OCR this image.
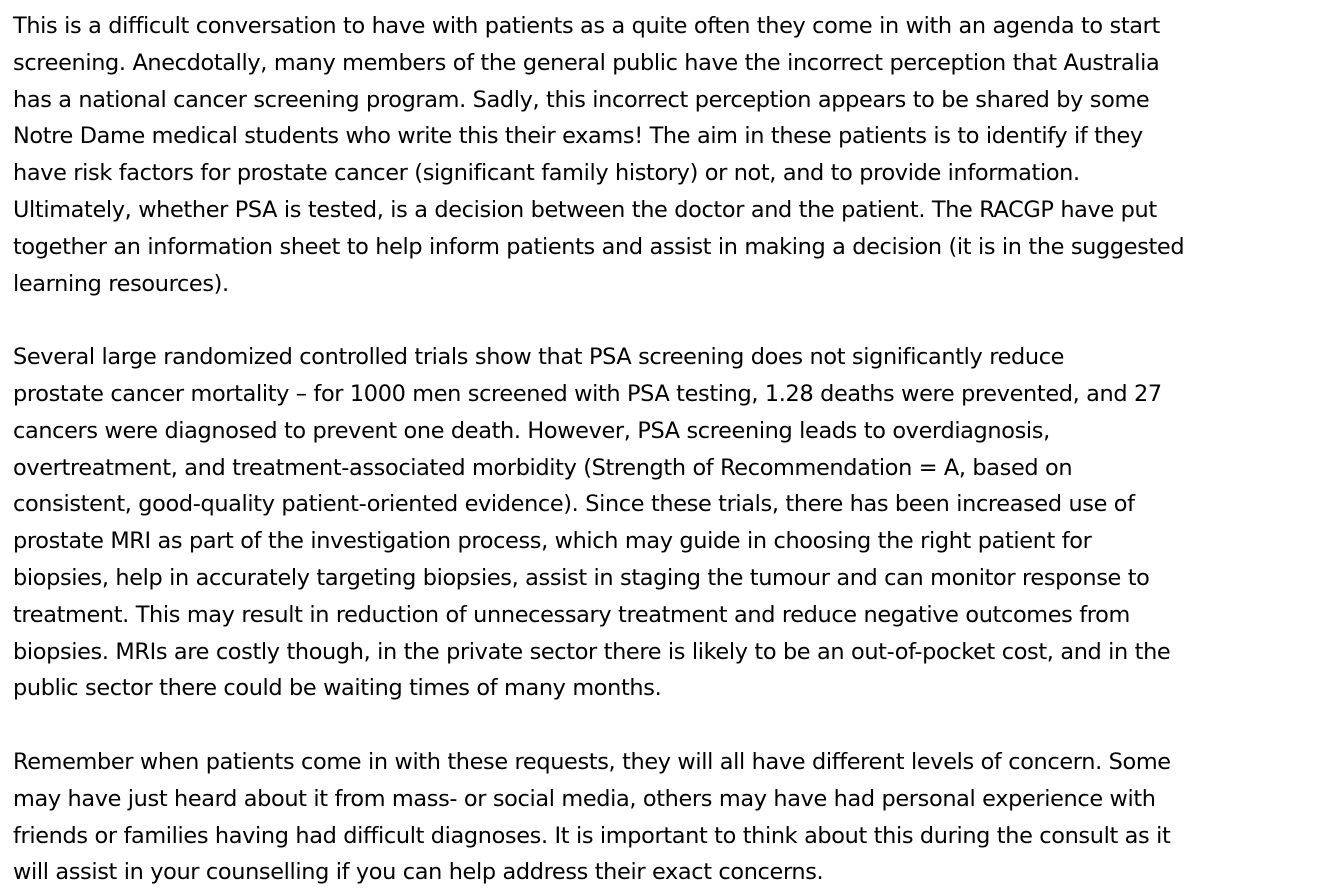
This is a difficult conversation to have with patients as a quite often they come in with an agenda to start
screening. Anecdotally, many members of the general public have the incorrect perception that Australia
has a national cancer screening program. Sadly, this incorrect perception appears to be shared by some
Notre Dame medical students who write this their exams! The aim in these patients is to identify if they
have risk factors for prostate cancer (significant family history) or not, and to provide information.
Ultimately, whether PSA is tested, is a decision between the doctor and the patient. The RACGP have put
together an information sheet to help inform patients and assist in making a decision (it is in the suggested
learning resources).

Several large randomized controlled trials show that PSA screening does not significantly reduce
prostate cancer mortality – for 1000 men screened with PSA testing, 1.28 deaths were prevented, and 27
cancers were diagnosed to prevent one death. However, PSA screening leads to overdiagnosis,
overtreatment, and treatment-associated morbidity (Strength of Recommendation = A, based on
consistent, good-quality patient-oriented evidence). Since these trials, there has been increased use of
prostate MRI as part of the investigation process, which may guide in choosing the right patient for
biopsies, help in accurately targeting biopsies, assist in staging the tumour and can monitor response to
treatment. This may result in reduction of unnecessary treatment and reduce negative outcomes from
biopsies. MRIs are costly though, in the private sector there is likely to be an out-of-pocket cost, and in the
public sector there could be waiting times of many months.

Remember when patients come in with these requests, they will all have different levels of concern. Some
may have just heard about it from mass- or social media, others may have had personal experience with
friends or families having had difficult diagnoses. It is important to think about this during the consult as it
will assist in your counselling if you can help address their exact concerns.
